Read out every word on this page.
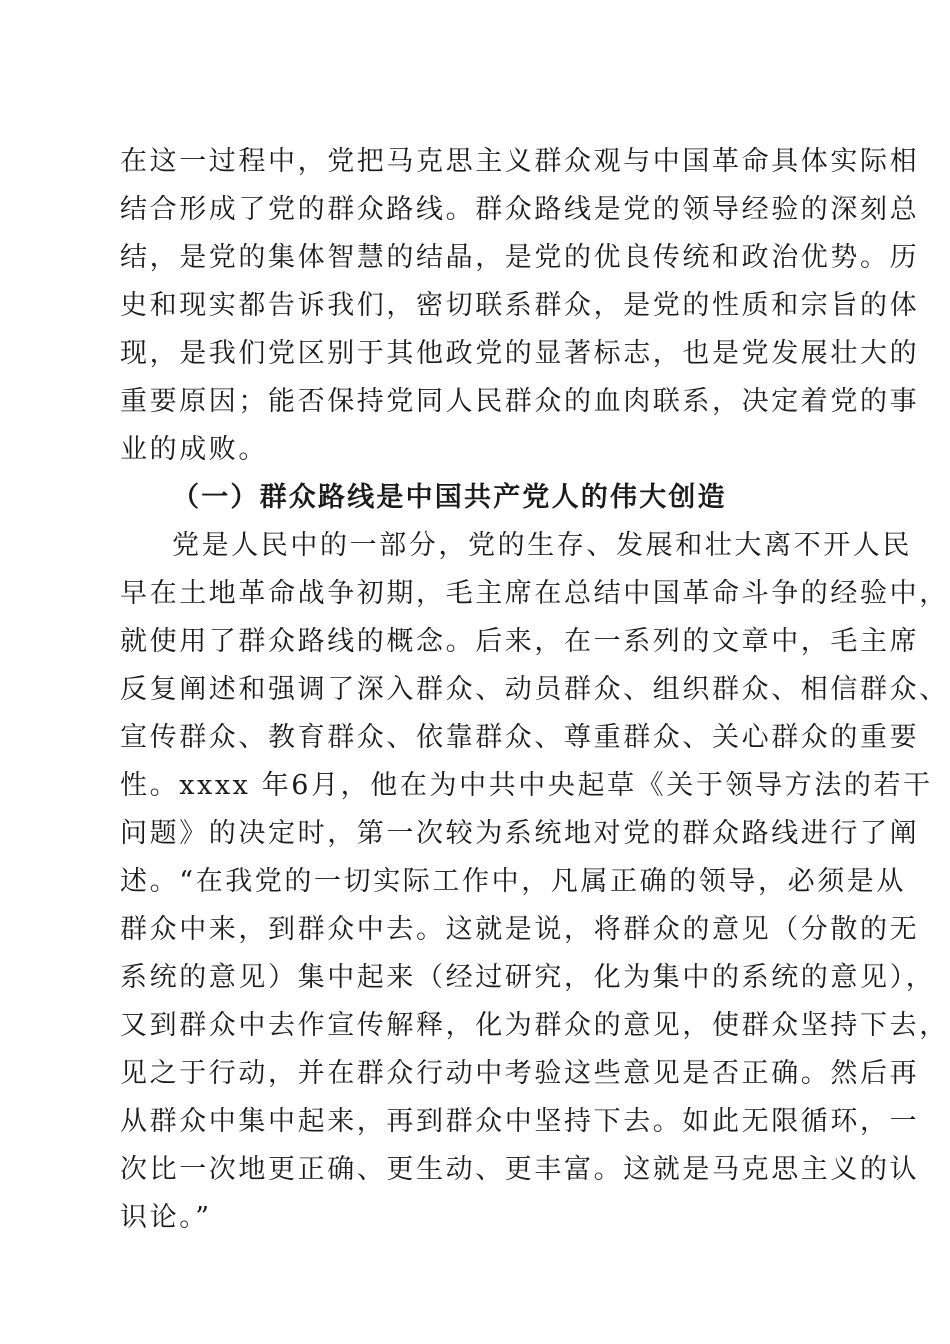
在这一过程中，党把马克思主义群众观与中国革命具体实际相
结合形成了党的群众路线。群众路线是党的领导经验的深刻总
结，是党的集体智慧的结晶，是党的优良传统和政治优势。历
史和现实都告诉我们，密切联系群众，是党的性质和宗旨的体
现，是我们党区别于其他政党的显著标志，也是党发展壮大的
重要原因；能否保持党同人民群众的血肉联系，决定着党的事
业的成败。
（一）群众路线是中国共产党人的伟大创造
党是人民中的一部分，党的生存、发展和壮大离不开人民
早在土地革命战争初期，毛主席在总结中国革命斗争的经验中，
就使用了群众路线的概念。后来，在一系列的文章中，毛主席
反复阐述和强调了深入群众、动员群众、组织群众、相信群众、
宣传群众、教育群众、依靠群众、尊重群众、关心群众的重要
性。xxxx 年6月，他在为中共中央起草《关于领导方法的若干
问题》的决定时，第一次较为系统地对党的群众路线进行了阐
述。“在我党的一切实际工作中，凡属正确的领导，必须是从
群众中来，到群众中去。这就是说，将群众的意见（分散的无
系统的意见）集中起来（经过研究，化为集中的系统的意见），
又到群众中去作宣传解释，化为群众的意见，使群众坚持下去，
见之于行动，并在群众行动中考验这些意见是否正确。然后再
从群众中集中起来，再到群众中坚持下去。如此无限循环，一
次比一次地更正确、更生动、更丰富。这就是马克思主义的认
识论。”
